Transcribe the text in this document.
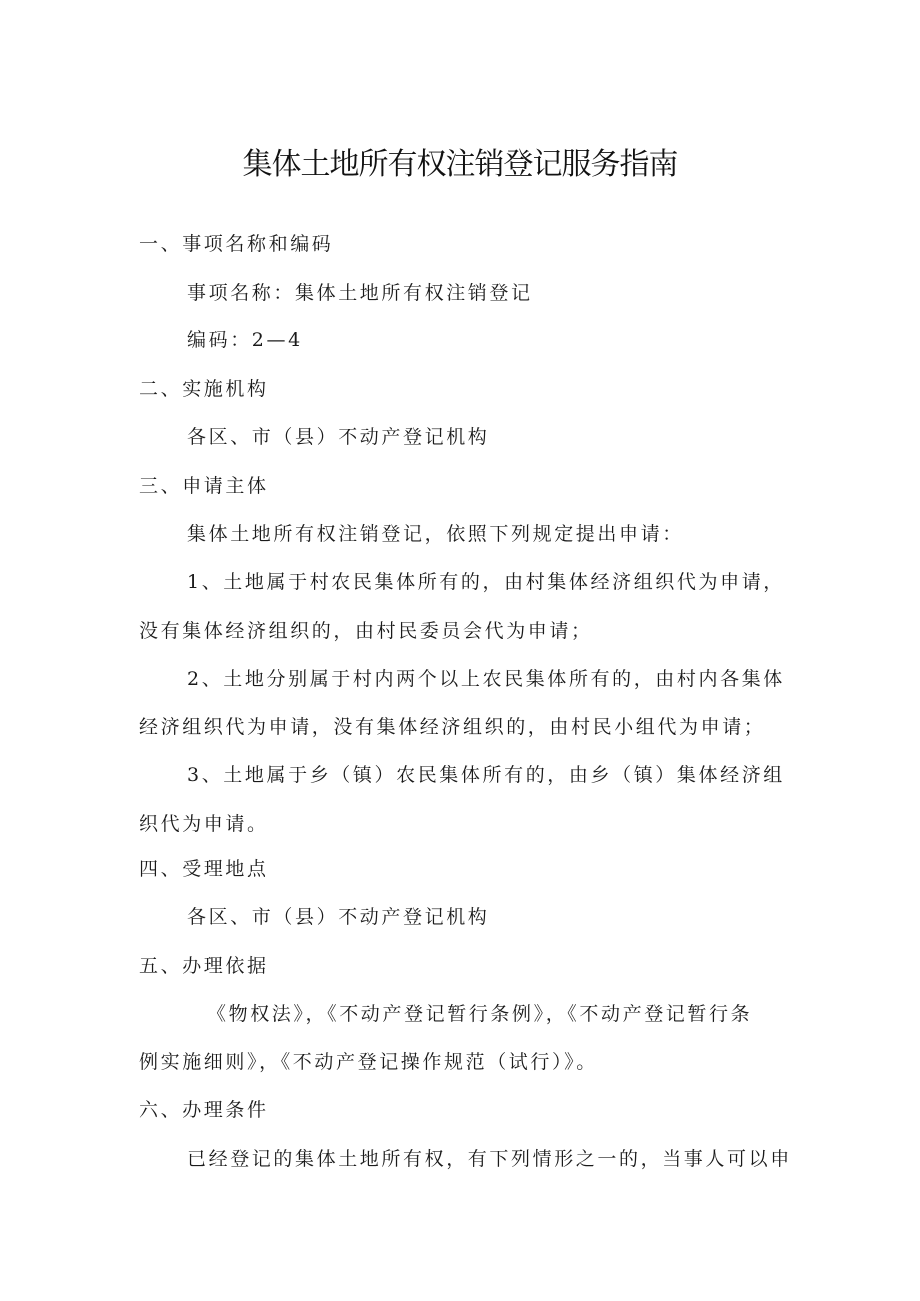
集体土地所有权注销登记服务指南
一、事项名称和编码
事项名称：集体土地所有权注销登记
编码：2—4
二、实施机构
各区、市（县）不动产登记机构
三、申请主体
集体土地所有权注销登记，依照下列规定提出申请：
1、土地属于村农民集体所有的，由村集体经济组织代为申请，
没有集体经济组织的，由村民委员会代为申请；
2、土地分别属于村内两个以上农民集体所有的，由村内各集体
经济组织代为申请，没有集体经济组织的，由村民小组代为申请；
3、土地属于乡（镇）农民集体所有的，由乡（镇）集体经济组
织代为申请。
四、受理地点
各区、市（县）不动产登记机构
五、办理依据
《物权法》，《不动产登记暂行条例》，《不动产登记暂行条
例实施细则》，《不动产登记操作规范（试行）》。
六、办理条件
已经登记的集体土地所有权，有下列情形之一的，当事人可以申
